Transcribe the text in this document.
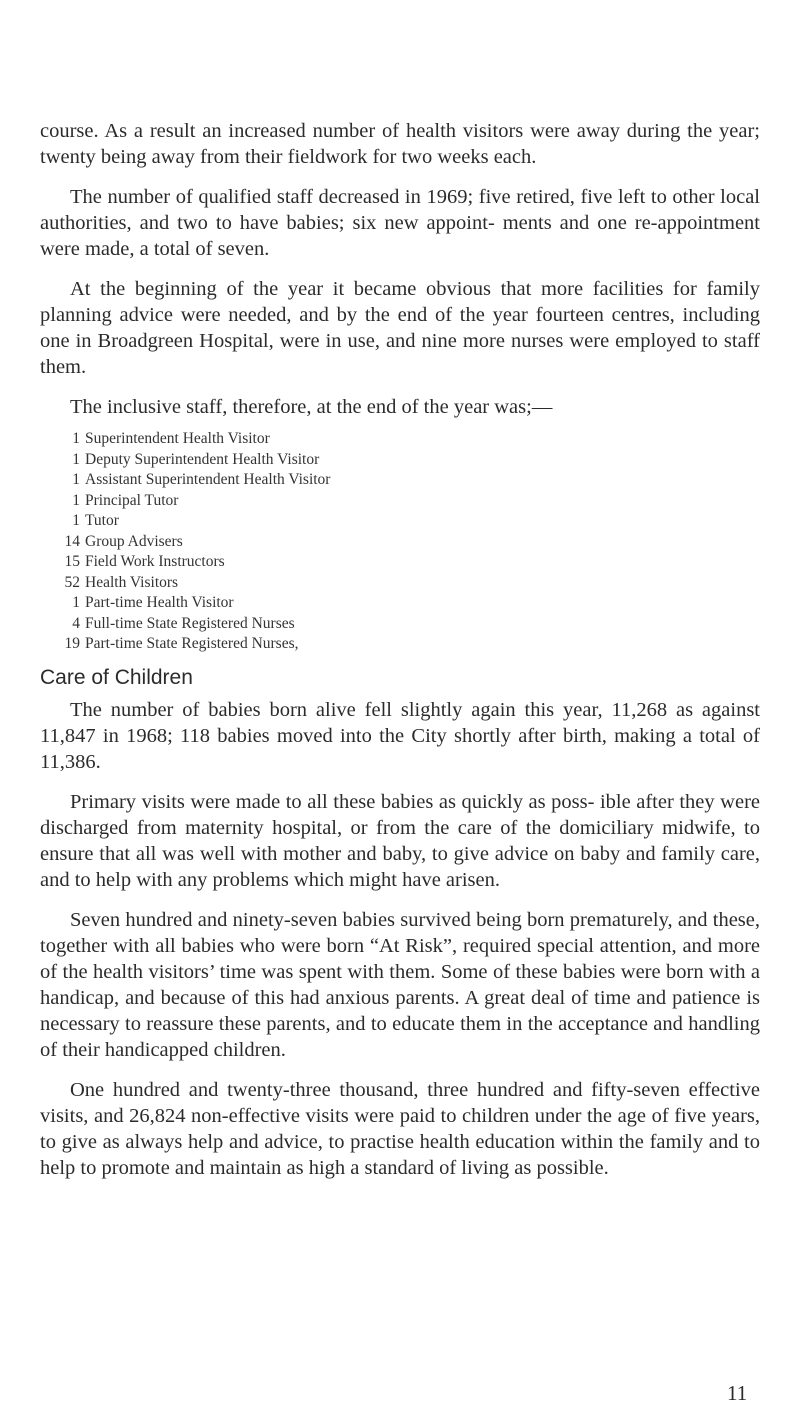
course. As a result an increased number of health visitors were away during the year; twenty being away from their fieldwork for two weeks each.

The number of qualified staff decreased in 1969; five retired, five left to other local authorities, and two to have babies; six new appoint- ments and one re-appointment were made, a total of seven.

At the beginning of the year it became obvious that more facilities for family planning advice were needed, and by the end of the year fourteen centres, including one in Broadgreen Hospital, were in use, and nine more nurses were employed to staff them.

The inclusive staff, therefore, at the end of the year was;—

1 Superintendent Health Visitor
1 Deputy Superintendent Health Visitor
1 Assistant Superintendent Health Visitor
1 Principal Tutor
1 Tutor
14 Group Advisers
15 Field Work Instructors
52 Health Visitors
1 Part-time Health Visitor
4 Full-time State Registered Nurses
19 Part-time State Registered Nurses,
Care of Children

The number of babies born alive fell slightly again this year, 11,268 as against 11,847 in 1968; 118 babies moved into the City shortly after birth, making a total of 11,386.

Primary visits were made to all these babies as quickly as poss- ible after they were discharged from maternity hospital, or from the care of the domiciliary midwife, to ensure that all was well with mother and baby, to give advice on baby and family care, and to help with any problems which might have arisen.

Seven hundred and ninety-seven babies survived being born prematurely, and these, together with all babies who were born “At Risk”, required special attention, and more of the health visitors’ time was spent with them. Some of these babies were born with a handicap, and because of this had anxious parents. A great deal of time and patience is necessary to reassure these parents, and to educate them in the acceptance and handling of their handicapped children.

One hundred and twenty-three thousand, three hundred and fifty-seven effective visits, and 26,824 non-effective visits were paid to children under the age of five years, to give as always help and advice, to practise health education within the family and to help to promote and maintain as high a standard of living as possible.

11
